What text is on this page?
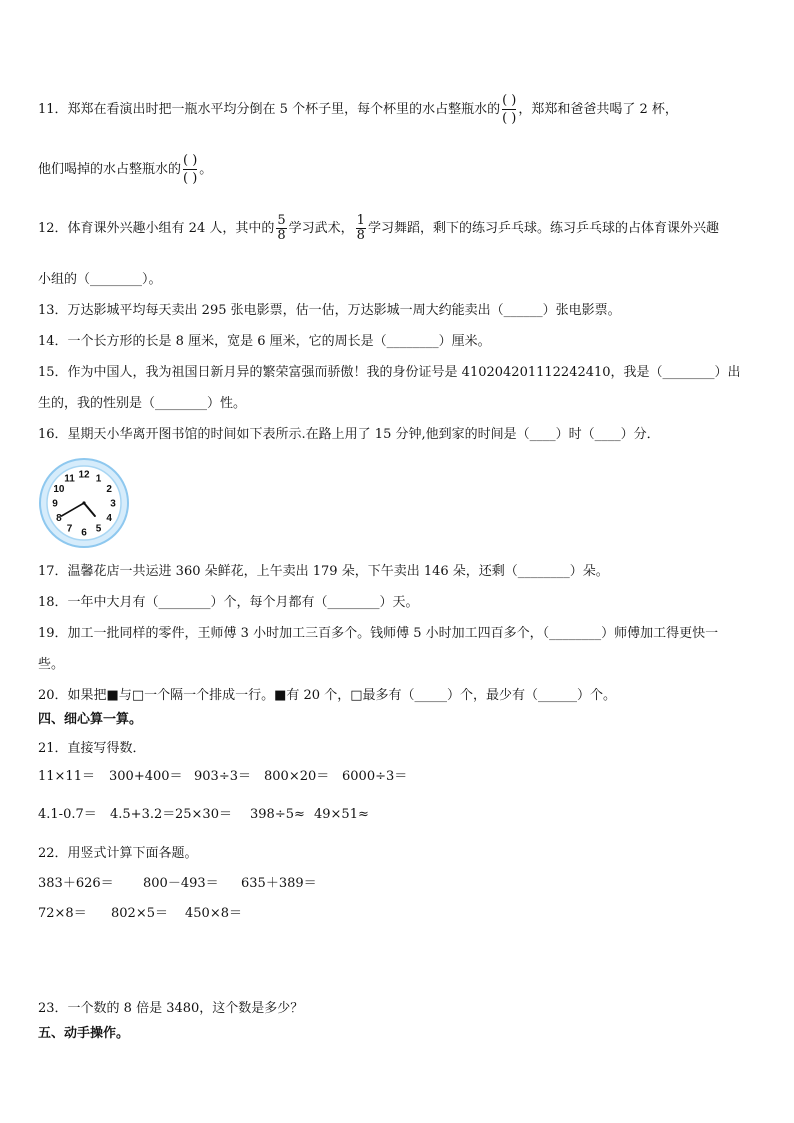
11．郑郑在看演出时把一瓶水平均分倒在 5 个杯子里，每个杯里的水占整瓶水的 $\frac{( )}{( )}$ ，郑郑和爸爸共喝了 2 杯，
他们喝掉的水占整瓶水的 $\frac{( )}{( )}$ 。
12．体育课外兴趣小组有 24 人，其中的 $\frac{5}{8}$ 学习武术， $\frac{1}{8}$ 学习舞蹈，剩下的练习乒乓球。练习乒乓球的占体育课外兴趣
小组的（________）。
13．万达影城平均每天卖出 295 张电影票，估一估，万达影城一周大约能卖出（______）张电影票。
14．一个长方形的长是 8 厘米，宽是 6 厘米，它的周长是（________）厘米。
15．作为中国人，我为祖国日新月异的繁荣富强而骄傲！我的身份证号是 410204201112242410，我是（________）出
生的，我的性别是（________）性。
16．星期天小华离开图书馆的时间如下表所示.在路上用了 15 分钟,他到家的时间是（____）时（____）分．
12 1
2
3
4
5
6
7
8
9
10
11
17．温馨花店一共运进 360 朵鲜花，上午卖出 179 朵，下午卖出 146 朵，还剩（________）朵。
18．一年中大月有（________）个，每个月都有（________）天。
19．加工一批同样的零件，王师傅 3 小时加工三百多个。钱师傅 5 小时加工四百多个，（________）师傅加工得更快一
些。
20．如果把■与□一个隔一个排成一行。■有 20 个，□最多有（_____）个，最少有（______）个。
四、细心算一算。
21．直接写得数．
11×11＝ 300+400＝ 903÷3＝ 800×20＝ 6000÷3＝
4.1-0.7＝ 4.5+3.2＝ 25×30＝ 398÷5≈ 49×51≈
22．用竖式计算下面各题。
383＋626＝ 800－493＝ 635＋389＝
72×8＝ 802×5＝ 450×8＝
23．一个数的 8 倍是 3480，这个数是多少？
五、动手操作。
